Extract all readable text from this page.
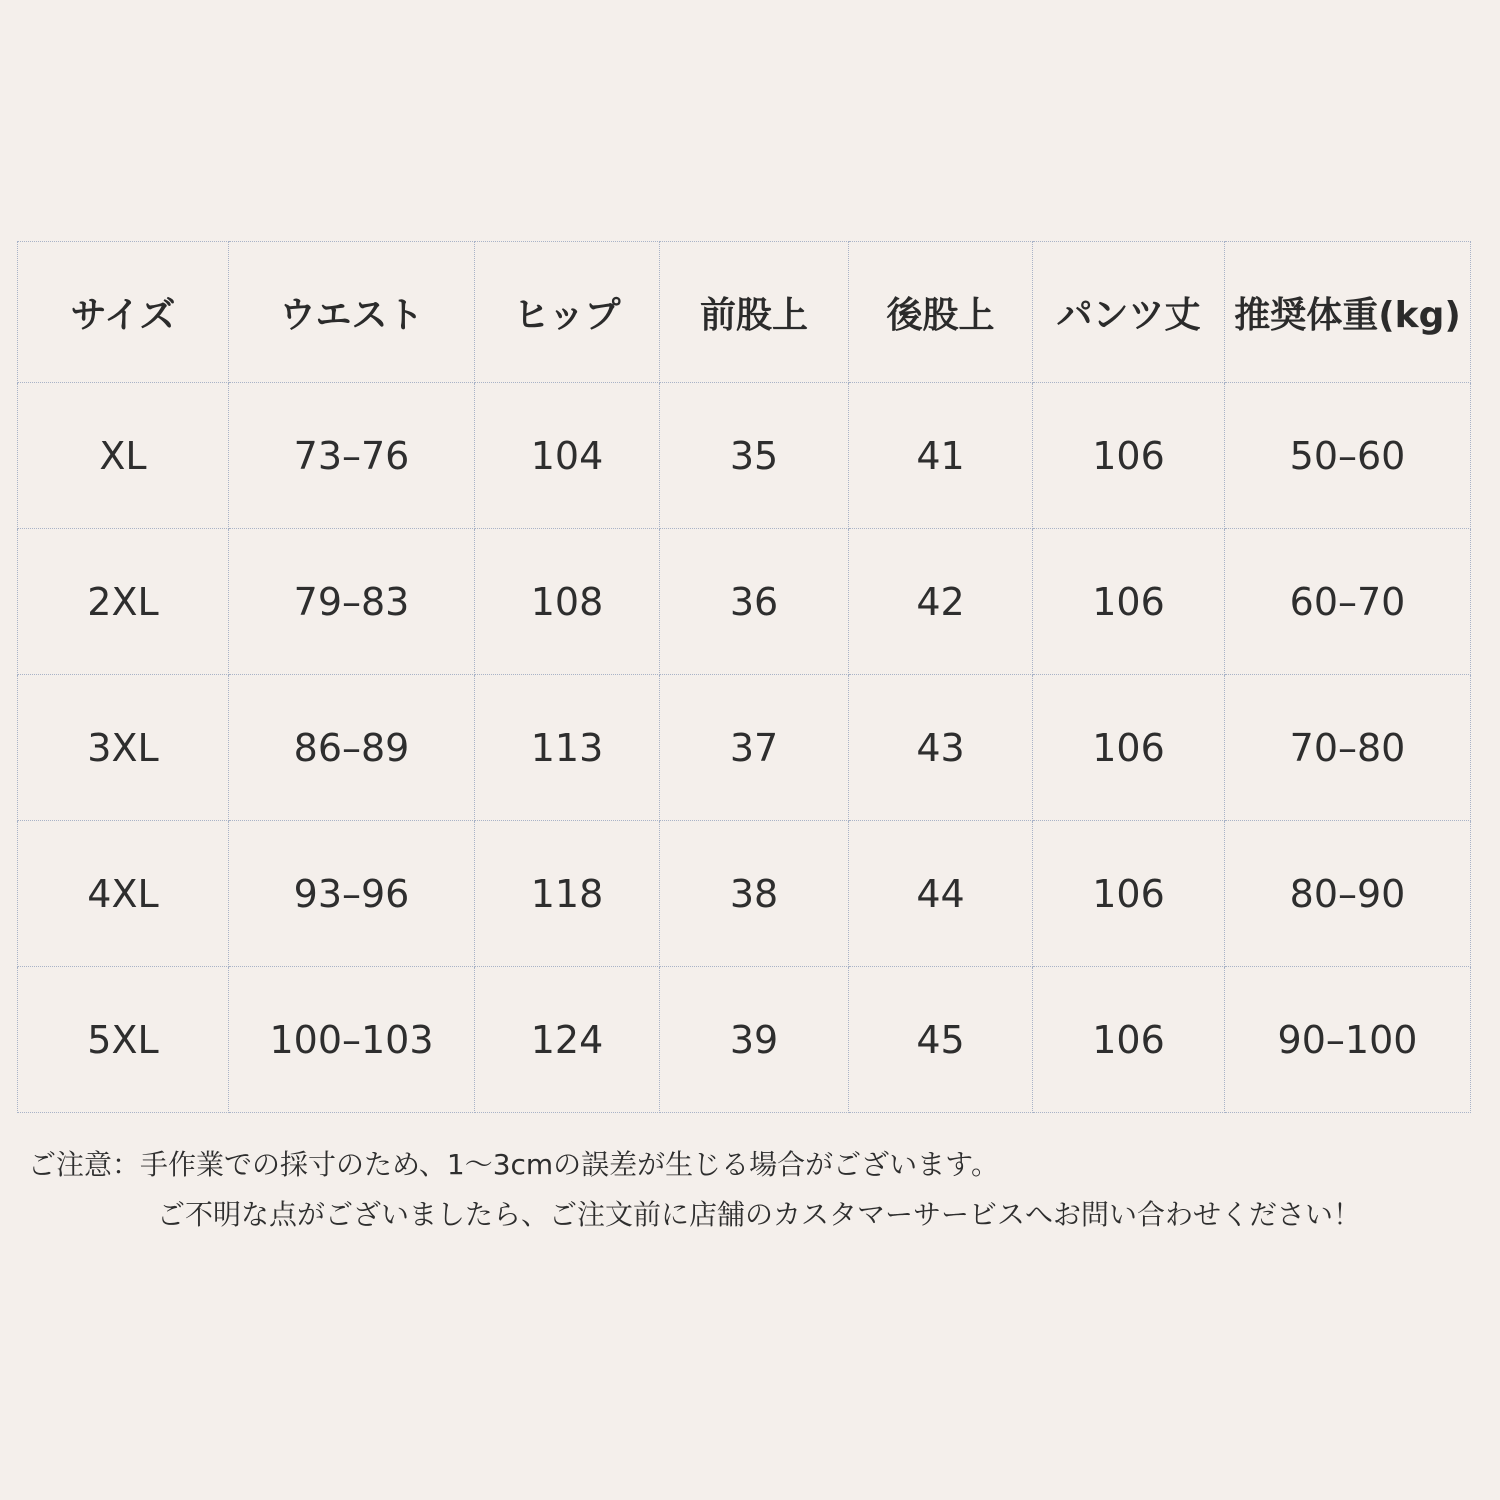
サイズ	ウエスト	ヒップ	前股上	後股上	パンツ丈	推奨体重(kg)
XL	73–76	104	35	41	106	50–60
2XL	79–83	108	36	42	106	60–70
3XL	86–89	113	37	43	106	70–80
4XL	93–96	118	38	44	106	80–90
5XL	100–103	124	39	45	106	90–100
ご注意：手作業での採寸のため、1～3cmの誤差が生じる場合がございます。
ご不明な点がございましたら、ご注文前に店舗のカスタマーサービスへお問い合わせください！
